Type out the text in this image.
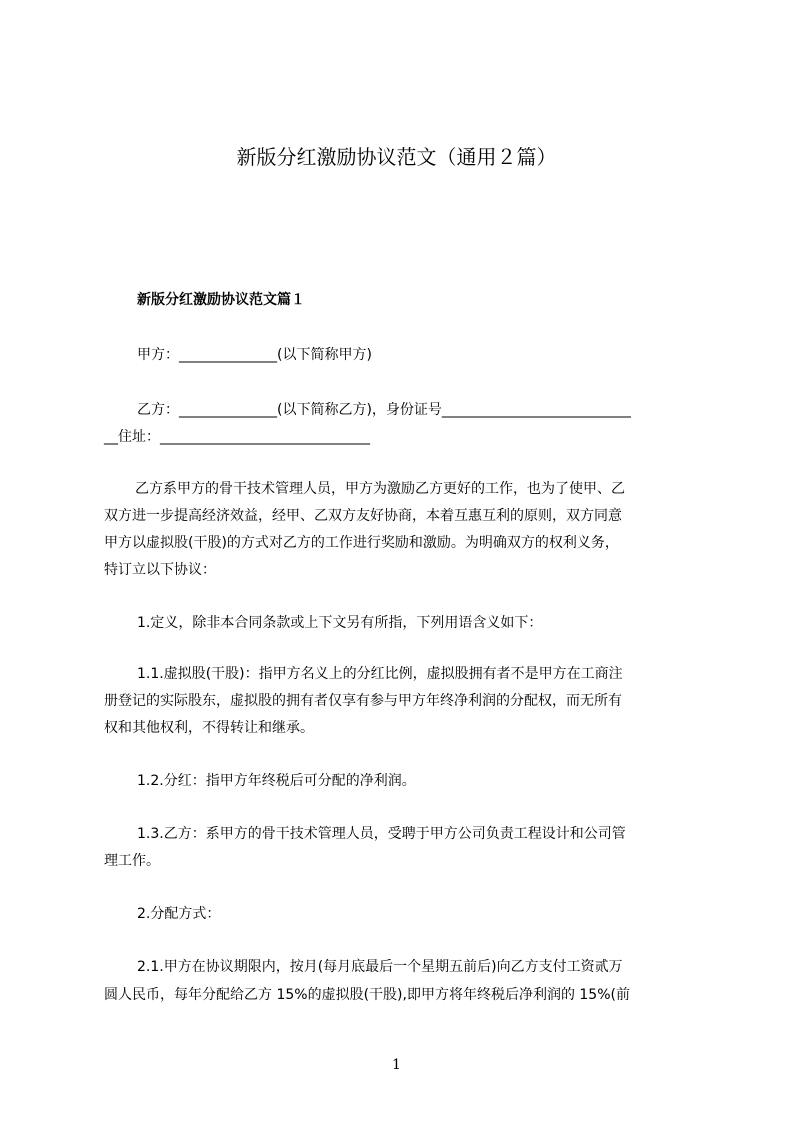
新版分红激励协议范文（通用２篇）
新版分红激励协议范文篇１
甲方：______________(以下简称甲方)
乙方：______________(以下简称乙方)，身份证号___________________________
__住址：______________________________
乙方系甲方的骨干技术管理人员，甲方为激励乙方更好的工作，也为了使甲、乙
双方进一步提高经济效益，经甲、乙双方友好协商，本着互惠互利的原则，双方同意
甲方以虚拟股(干股)的方式对乙方的工作进行奖励和激励。为明确双方的权利义务，
特订立以下协议：
1.定义，除非本合同条款或上下文另有所指，下列用语含义如下：
1.1.虚拟股(干股)：指甲方名义上的分红比例，虚拟股拥有者不是甲方在工商注
册登记的实际股东，虚拟股的拥有者仅享有参与甲方年终净利润的分配权，而无所有
权和其他权利，不得转让和继承。
1.2.分红：指甲方年终税后可分配的净利润。
1.3.乙方：系甲方的骨干技术管理人员，受聘于甲方公司负责工程设计和公司管
理工作。
2.分配方式：
2.1.甲方在协议期限内，按月(每月底最后一个星期五前后)向乙方支付工资贰万
圆人民币，每年分配给乙方 15%的虚拟股(干股),即甲方将年终税后净利润的 15%(前
1
